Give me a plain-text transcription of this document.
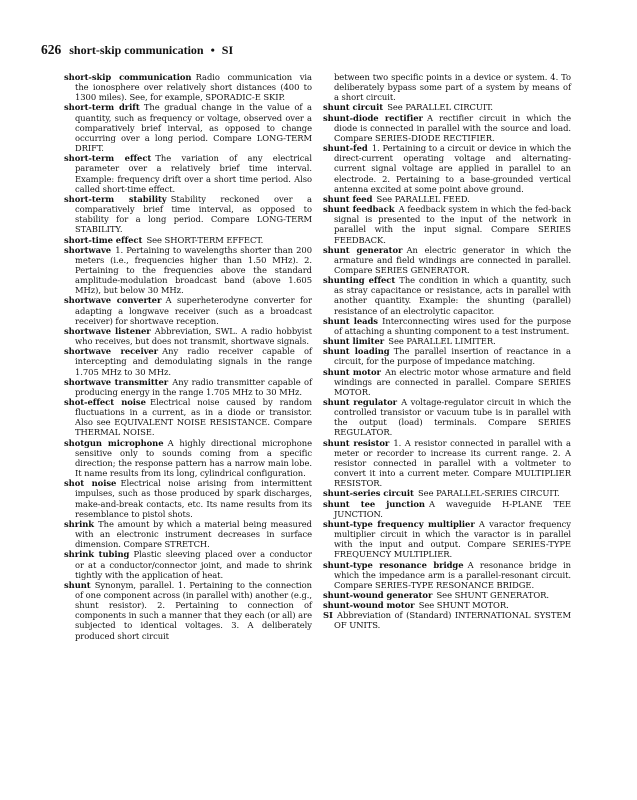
626 short-skip communication • SI
short-skip communication  Radio communication via the ionosphere over relatively short distances (400 to 1300 miles). See, for example, SPORADIC-E SKIP.
short-term drift  The gradual change in the value of a quantity, such as frequency or voltage, observed over a comparatively brief interval, as opposed to change occurring over a long period. Compare LONG-TERM DRIFT.
short-term effect  The variation of any electrical parameter over a relatively brief time interval. Example: frequency drift over a short time period. Also called short-time effect.
short-term stability  Stability reckoned over a comparatively brief time interval, as opposed to stability for a long period. Compare LONG-TERM STABILITY.
short-time effect  See SHORT-TERM EFFECT.
shortwave  1. Pertaining to wavelengths shorter than 200 meters (i.e., frequencies higher than 1.50 MHz). 2. Pertaining to the frequencies above the standard amplitude-modulation broadcast band (above 1.605 MHz), but below 30 MHz.
shortwave converter  A superheterodyne converter for adapting a longwave receiver (such as a broadcast receiver) for shortwave reception.
shortwave listener  Abbreviation, SWL. A radio hobbyist who receives, but does not transmit, shortwave signals.
shortwave receiver  Any radio receiver capable of intercepting and demodulating signals in the range 1.705 MHz to 30 MHz.
shortwave transmitter  Any radio transmitter capable of producing energy in the range 1.705 MHz to 30 MHz.
shot-effect noise  Electrical noise caused by random fluctuations in a current, as in a diode or transistor. Also see EQUIVALENT NOISE RESISTANCE. Compare THERMAL NOISE.
shotgun microphone  A highly directional microphone sensitive only to sounds coming from a specific direction; the response pattern has a narrow main lobe. It name results from its long, cylindrical configuration.
shot noise  Electrical noise arising from intermittent impulses, such as those produced by spark discharges, make-and-break contacts, etc. Its name results from its resemblance to pistol shots.
shrink  The amount by which a material being measured with an electronic instrument decreases in surface dimension. Compare STRETCH.
shrink tubing  Plastic sleeving placed over a conductor or at a conductor/connector joint, and made to shrink tightly with the application of heat.
shunt  Synonym, parallel. 1. Pertaining to the connection of one component across (in parallel with) another (e.g., shunt resistor). 2. Pertaining to connection of components in such a manner that they each (or all) are subjected to identical voltages. 3. A deliberately produced short circuit
between two specific points in a device or system. 4. To deliberately bypass some part of a system by means of a short circuit.
shunt circuit  See PARALLEL CIRCUIT.
shunt-diode rectifier  A rectifier circuit in which the diode is connected in parallel with the source and load. Compare SERIES-DIODE RECTIFIER.
shunt-fed  1. Pertaining to a circuit or device in which the direct-current operating voltage and alternating-current signal voltage are applied in parallel to an electrode. 2. Pertaining to a base-grounded vertical antenna excited at some point above ground.
shunt feed  See PARALLEL FEED.
shunt feedback  A feedback system in which the fed-back signal is presented to the input of the network in parallel with the input signal. Compare SERIES FEEDBACK.
shunt generator  An electric generator in which the armature and field windings are connected in parallel. Compare SERIES GENERATOR.
shunting effect  The condition in which a quantity, such as stray capacitance or resistance, acts in parallel with another quantity. Example: the shunting (parallel) resistance of an electrolytic capacitor.
shunt leads  Interconnecting wires used for the purpose of attaching a shunting component to a test instrument.
shunt limiter  See PARALLEL LIMITER.
shunt loading  The parallel insertion of reactance in a circuit, for the purpose of impedance matching.
shunt motor  An electric motor whose armature and field windings are connected in parallel. Compare SERIES MOTOR.
shunt regulator  A voltage-regulator circuit in which the controlled transistor or vacuum tube is in parallel with the output (load) terminals. Compare SERIES REGULATOR.
shunt resistor  1. A resistor connected in parallel with a meter or recorder to increase its current range. 2. A resistor connected in parallel with a voltmeter to convert it into a current meter. Compare MULTIPLIER RESISTOR.
shunt-series circuit  See PARALLEL-SERIES CIRCUIT.
shunt tee junction  A waveguide H-PLANE TEE JUNCTION.
shunt-type frequency multiplier  A varactor frequency multiplier circuit in which the varactor is in parallel with the input and output. Compare SERIES-TYPE FREQUENCY MULTIPLIER.
shunt-type resonance bridge  A resonance bridge in which the impedance arm is a parallel-resonant circuit. Compare SERIES-TYPE RESONANCE BRIDGE.
shunt-wound generator  See SHUNT GENERATOR.
shunt-wound motor  See SHUNT MOTOR.
SI  Abbreviation of (Standard) INTERNATIONAL SYSTEM OF UNITS.
